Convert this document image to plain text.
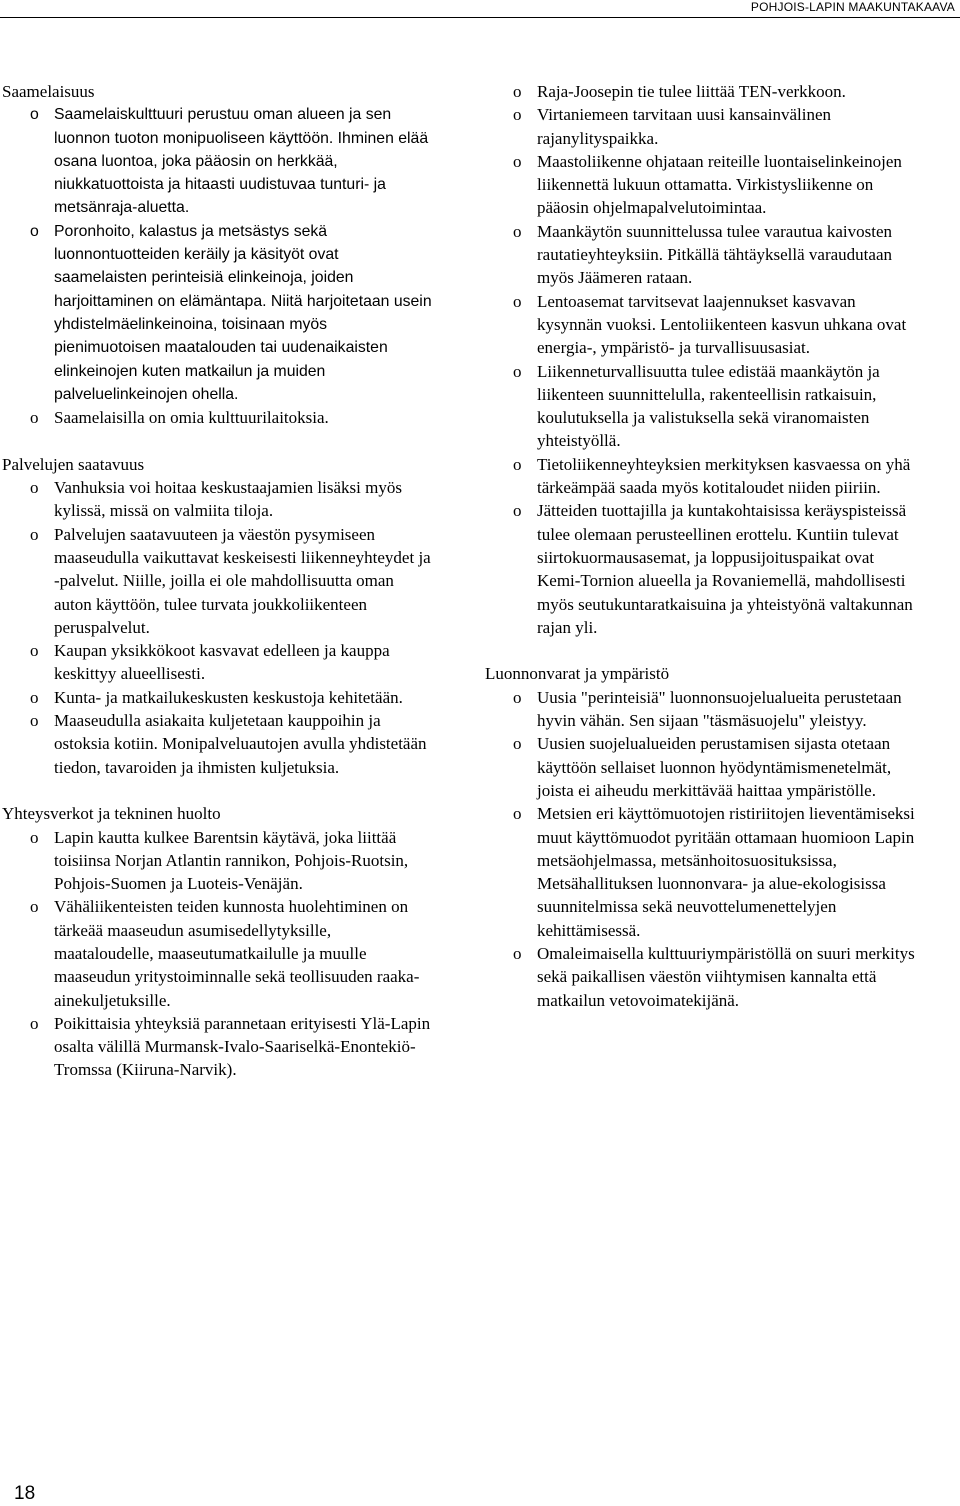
POHJOIS-LAPIN MAAKUNTAKAAVA
Saamelaisuus
o Saamelaiskulttuuri perustuu oman alueen ja sen luonnon tuoton monipuoliseen käyttöön. Ihminen elää osana luontoa, joka pääosin on herkkää, niukkatuottoista ja hitaasti uudistuvaa tunturi- ja metsänraja-aluetta.
o Poronhoito, kalastus ja metsästys sekä luonnontuotteiden keräily ja käsityöt ovat saamelaisten perinteisiä elinkeinoja, joiden harjoittaminen on elämäntapa. Niitä harjoitetaan usein yhdistelmäelinkeinoina, toisinaan myös pienimuotoisen maatalouden tai uudenaikaisten elinkeinojen kuten matkailun ja muiden palveluelinkeinojen ohella.
o Saamelaisilla on omia kulttuurilaitoksia.
Palvelujen saatavuus
o Vanhuksia voi hoitaa keskustaajamien lisäksi myös kylissä, missä on valmiita tiloja.
o Palvelujen saatavuuteen ja väestön pysymiseen maaseudulla vaikuttavat keskeisesti liikenneyhteydet ja -palvelut. Niille, joilla ei ole mahdollisuutta oman auton käyttöön, tulee turvata joukkoliikenteen peruspalvelut.
o Kaupan yksikkökoot kasvavat edelleen ja kauppa keskittyy alueellisesti.
o Kunta- ja matkailukeskusten keskustoja kehitetään.
o Maaseudulla asiakaita kuljetetaan kauppoihin ja ostoksia kotiin. Monipalveluautojen avulla yhdistetään tiedon, tavaroiden ja ihmisten kuljetuksia.
Yhteysverkot ja tekninen huolto
o Lapin kautta kulkee Barentsin käytävä, joka liittää toisiinsa Norjan Atlantin rannikon, Pohjois-Ruotsin, Pohjois-Suomen ja Luoteis-Venäjän.
o Vähäliikenteisten teiden kunnosta huolehtiminen on tärkeää maaseudun asumisedellytyksille, maataloudelle, maaseutumatkailulle ja muulle maaseudun yritystoiminnalle sekä teollisuuden raaka-ainekuljetuksille.
o Poikittaisia yhteyksiä parannetaan erityisesti Ylä-Lapin osalta välillä Murmansk-Ivalo-Saariselkä-Enontekiö-Tromssa (Kiiruna-Narvik).
o Raja-Joosepin tie tulee liittää TEN-verkkoon.
o Virtaniemeen tarvitaan uusi kansainvälinen rajanylityspaikka.
o Maastoliikenne ohjataan reiteille luontaiselinkeinojen liikennettä lukuun ottamatta. Virkistysliikenne on pääosin ohjelmapalvelutoimintaa.
o Maankäytön suunnittelussa tulee varautua kaivosten rautatieyhteyksiin. Pitkällä tähtäyksellä varaudutaan myös Jäämeren rataan.
o Lentoasemat tarvitsevat laajennukset kasvavan kysynnän vuoksi. Lentoliikenteen kasvun uhkana ovat energia-, ympäristö- ja turvallisuusasiat.
o Liikenneturvallisuutta tulee edistää maankäytön ja liikenteen suunnittelulla, rakenteellisin ratkaisuin, koulutuksella ja valistuksella sekä viranomaisten yhteistyöllä.
o Tietoliikenneyhteyksien merkityksen kasvaessa on yhä tärkeämpää saada myös kotitaloudet niiden piiriin.
o Jätteiden tuottajilla ja kuntakohtaisissa keräyspisteissä tulee olemaan perusteellinen erottelu. Kuntiin tulevat siirtokuormausasemat, ja loppusijoituspaikat ovat Kemi-Tornion alueella ja Rovaniemellä, mahdollisesti myös seutukuntaratkaisuina ja yhteistyönä valtakunnan rajan yli.
Luonnonvarat ja ympäristö
o Uusia "perinteisiä" luonnonsuojelualueita perustetaan hyvin vähän. Sen sijaan "täsmäsuojelu" yleistyy.
o Uusien suojelualueiden perustamisen sijasta otetaan käyttöön sellaiset luonnon hyödyntämismenetelmät, joista ei aiheudu merkittävää haittaa ympäristölle.
o Metsien eri käyttömuotojen ristiriitojen lieventämiseksi muut käyttömuodot pyritään ottamaan huomioon Lapin metsäohjelmassa, metsänhoitosuosituksissa, Metsähallituksen luonnonvara- ja alue-ekologisissa suunnitelmissa sekä neuvottelumenettelyjen kehittämisessä.
o Omaleimaisella kulttuuriympäristöllä on suuri merkitys sekä paikallisen väestön viihtymisen kannalta että matkailun vetovoimatekijänä.
18
